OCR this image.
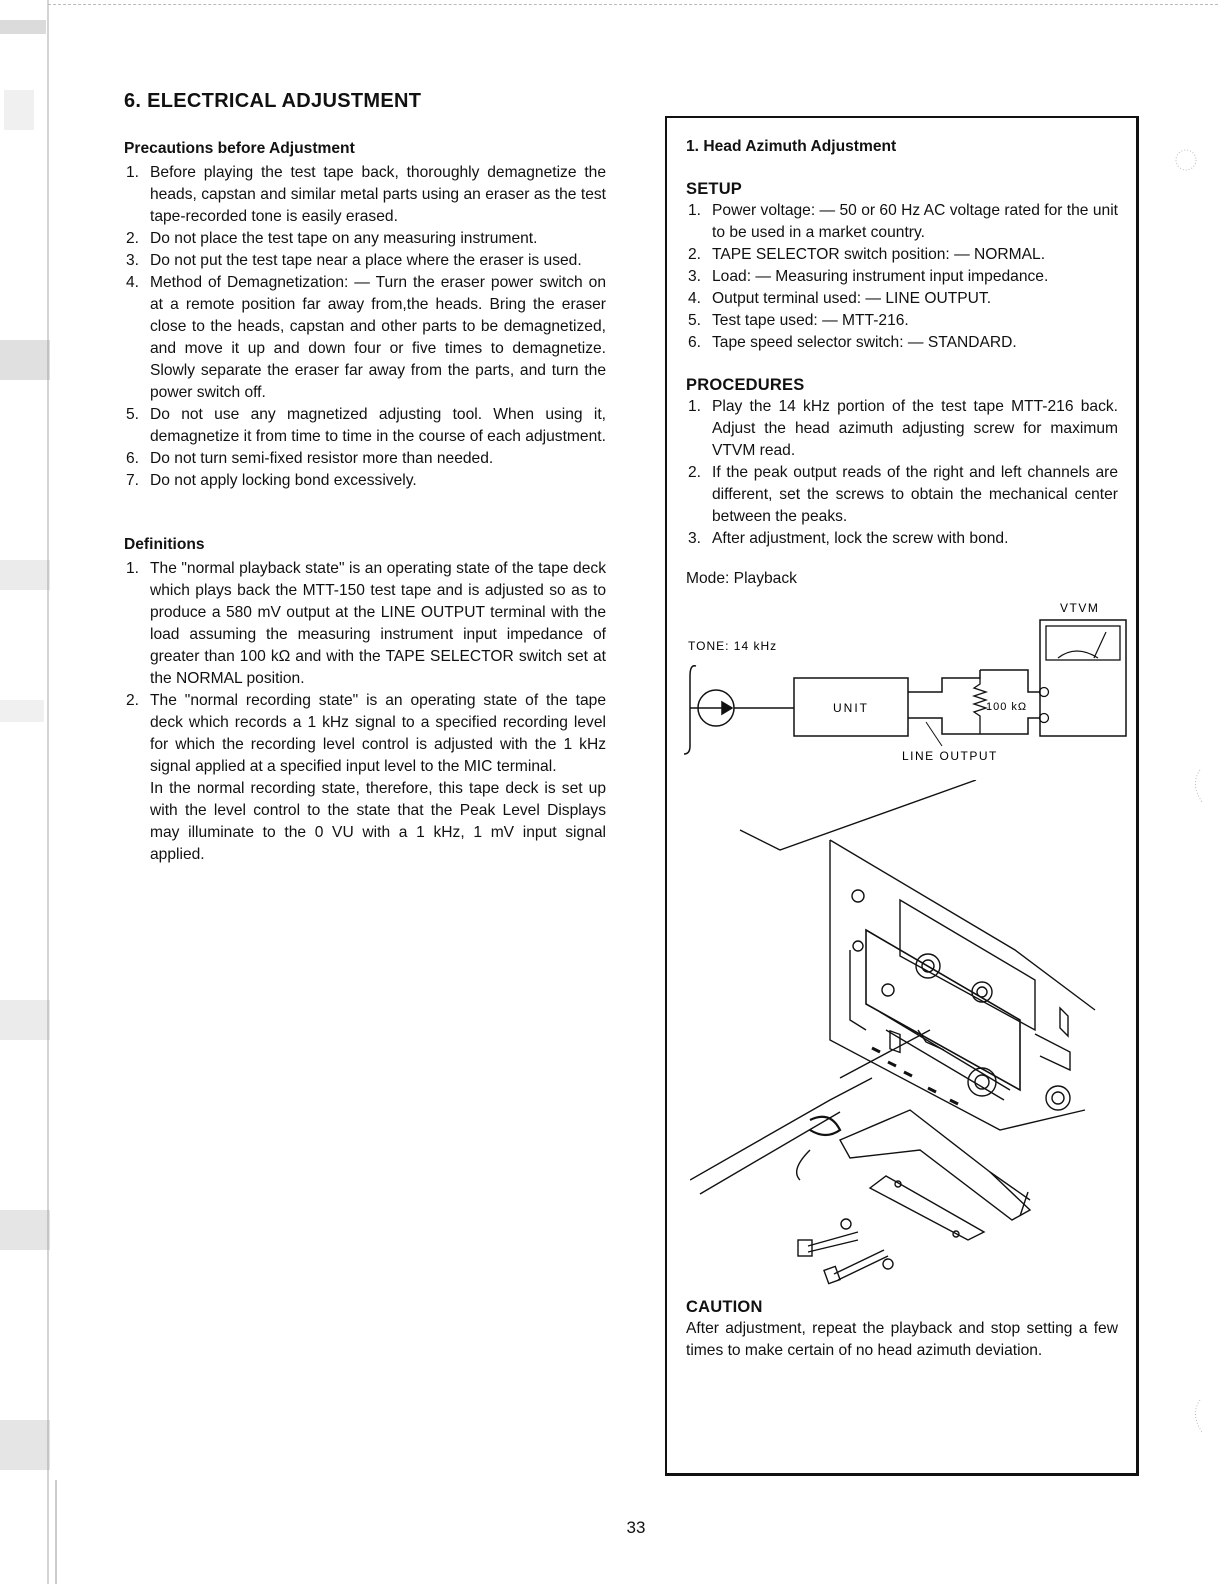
6. ELECTRICAL ADJUSTMENT
Precautions before Adjustment
1. Before playing the test tape back, thoroughly demagnetize the heads, capstan and similar metal parts using an eraser as the test tape-recorded tone is easily erased.
2. Do not place the test tape on any measuring instrument.
3. Do not put the test tape near a place where the eraser is used.
4. Method of Demagnetization: — Turn the eraser power switch on at a remote position far away from,the heads. Bring the eraser close to the heads, capstan and other parts to be demagnetized, and move it up and down four or five times to demagnetize. Slowly separate the eraser far away from the parts, and turn the power switch off.
5. Do not use any magnetized adjusting tool. When using it, demagnetize it from time to time in the course of each adjustment.
6. Do not turn semi-fixed resistor more than needed.
7. Do not apply locking bond excessively.
Definitions
1. The "normal playback state" is an operating state of the tape deck which plays back the MTT-150 test tape and is adjusted so as to produce a 580 mV output at the LINE OUTPUT terminal with the load assuming the measuring instrument input impedance of greater than 100 kΩ and with the TAPE SELECTOR switch set at the NORMAL position.
2. The "normal recording state" is an operating state of the tape deck which records a 1 kHz signal to a specified recording level for which the recording level control is adjusted with the 1 kHz signal applied at a specified input level to the MIC terminal.
In the normal recording state, therefore, this tape deck is set up with the level control to the state that the Peak Level Displays may illuminate to the 0 VU with a 1 kHz, 1 mV input signal applied.
1. Head Azimuth Adjustment
SETUP
1. Power voltage: — 50 or 60 Hz AC voltage rated for the unit to be used in a market country.
2. TAPE SELECTOR switch position: — NORMAL.
3. Load: — Measuring instrument input impedance.
4. Output terminal used: — LINE OUTPUT.
5. Test tape used: — MTT-216.
6. Tape speed selector switch: — STANDARD.
PROCEDURES
1. Play the 14 kHz portion of the test tape MTT-216 back. Adjust the head azimuth adjusting screw for maximum VTVM read.
2. If the peak output reads of the right and left channels are different, set the screws to obtain the mechanical center between the peaks.
3. After adjustment, lock the screw with bond.
Mode: Playback
VTVM
TONE: 14 kHz
UNIT	100 kΩ
LINE OUTPUT
CAUTION

After adjustment, repeat the playback and stop setting a few times to make certain of no head azimuth deviation.

33
